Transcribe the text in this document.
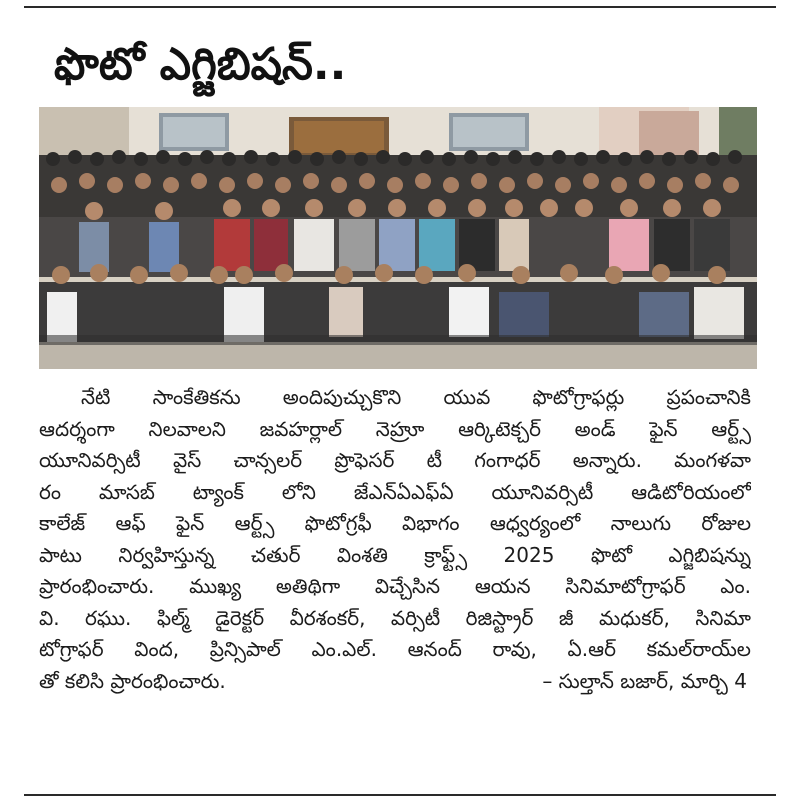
ఫొటో ఎగ్జిబిషన్..
నేటి సాంకేతికను అందిపుచ్చుకొని యువ ఫొటోగ్రాఫర్లు ప్రపంచానికి
ఆదర్శంగా నిలవాలని జవహర్లాల్ నెహ్రూ ఆర్కిటెక్చర్ అండ్ ఫైన్ ఆర్ట్స్
యూనివర్సిటీ వైస్ చాన్సలర్ ప్రొఫెసర్ టీ గంగాధర్ అన్నారు. మంగళవా
రం మాసబ్ ట్యాంక్ లోని జేఎన్ఏఎఫ్ఏ యూనివర్సిటీ ఆడిటోరియంలో
కాలేజ్ ఆఫ్ ఫైన్ ఆర్ట్స్ ఫొటోగ్రఫీ విభాగం ఆధ్వర్యంలో నాలుగు రోజుల
పాటు నిర్వహిస్తున్న చతుర్ వింశతి క్రాఫ్ట్స్ 2025 ఫొటో ఎగ్జిబిషన్ను
ప్రారంభించారు. ముఖ్య అతిథిగా విచ్చేసిన ఆయన సినిమాటోగ్రాఫర్ ఎం.
వి. రఘు. ఫిల్మ్ డైరెక్టర్ వీరశంకర్, వర్సిటీ రిజిస్ట్రార్ జీ మధుకర్, సినిమా
టోగ్రాఫర్ వింద, ప్రిన్సిపాల్ ఎం.ఎల్. ఆనంద్ రావు, ఏ.ఆర్ కమల్‌రాయ్‌ల
తో కలిసి ప్రారంభించారు.	– సుల్తాన్ బజార్, మార్చి 4
